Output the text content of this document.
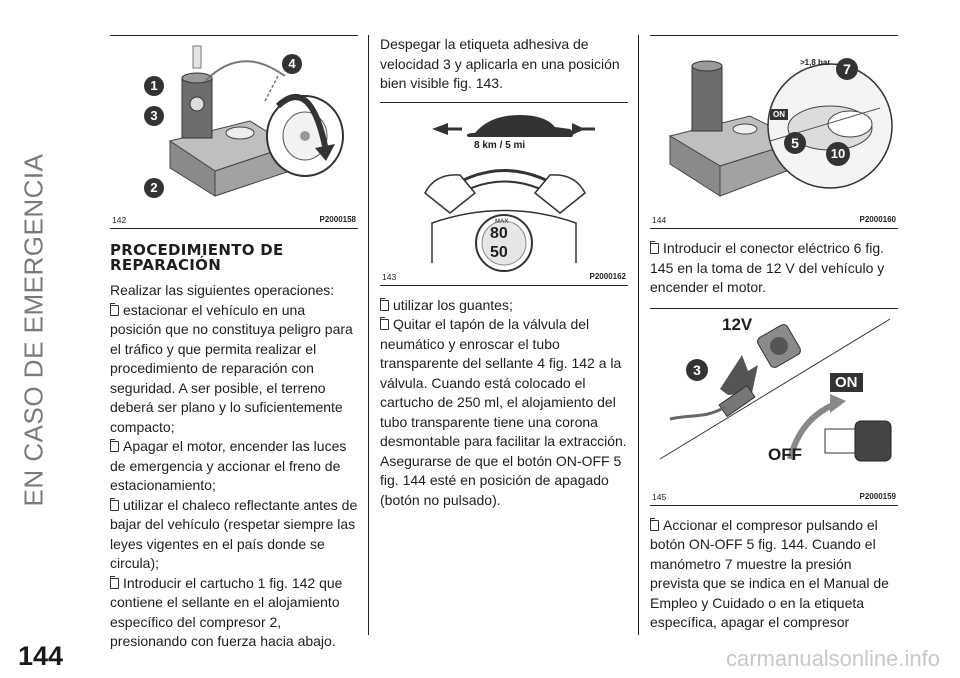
EN CASO DE EMERGENCIA
144	carmanualsonline.info
1
3
2
4
142	P2000158
PROCEDIMIENTO DE REPARACIÓN

Realizar las siguientes operaciones:

estacionar el vehículo en una posición que no constituya peligro para el tráfico y que permita realizar el procedimiento de reparación con seguridad. A ser posible, el terreno deberá ser plano y lo suficientemente compacto;

Apagar el motor, encender las luces de emergencia y accionar el freno de estacionamiento;

utilizar el chaleco reflectante antes de bajar del vehículo (respetar siempre las leyes vigentes en el país donde se circula);

Introducir el cartucho 1 fig. 142 que contiene el sellante en el alojamiento específico del compresor 2, presionando con fuerza hacia abajo.

Despegar la etiqueta adhesiva de velocidad 3 y aplicarla en una posición bien visible fig. 143.

8 km / 5 mi
MAX
80
50
143	P2000162

utilizar los guantes;

Quitar el tapón de la válvula del neumático y enroscar el tubo transparente del sellante 4 fig. 142 a la válvula. Cuando está colocado el cartucho de 250 ml, el alojamiento del tubo transparente tiene una corona desmontable para facilitar la extracción. Asegurarse de que el botón ON-OFF 5 fig. 144 esté en posición de apagado (botón no pulsado).

>1,8 bar
ON
7
5
10
144	P2000160

Introducir el conector eléctrico 6 fig. 145 en la toma de 12 V del vehículo y encender el motor.

12V
ON
OFF
3
145	P2000159

Accionar el compresor pulsando el botón ON-OFF 5 fig. 144. Cuando el manómetro 7 muestre la presión prevista que se indica en el Manual de Empleo y Cuidado o en la etiqueta específica, apagar el compresor
